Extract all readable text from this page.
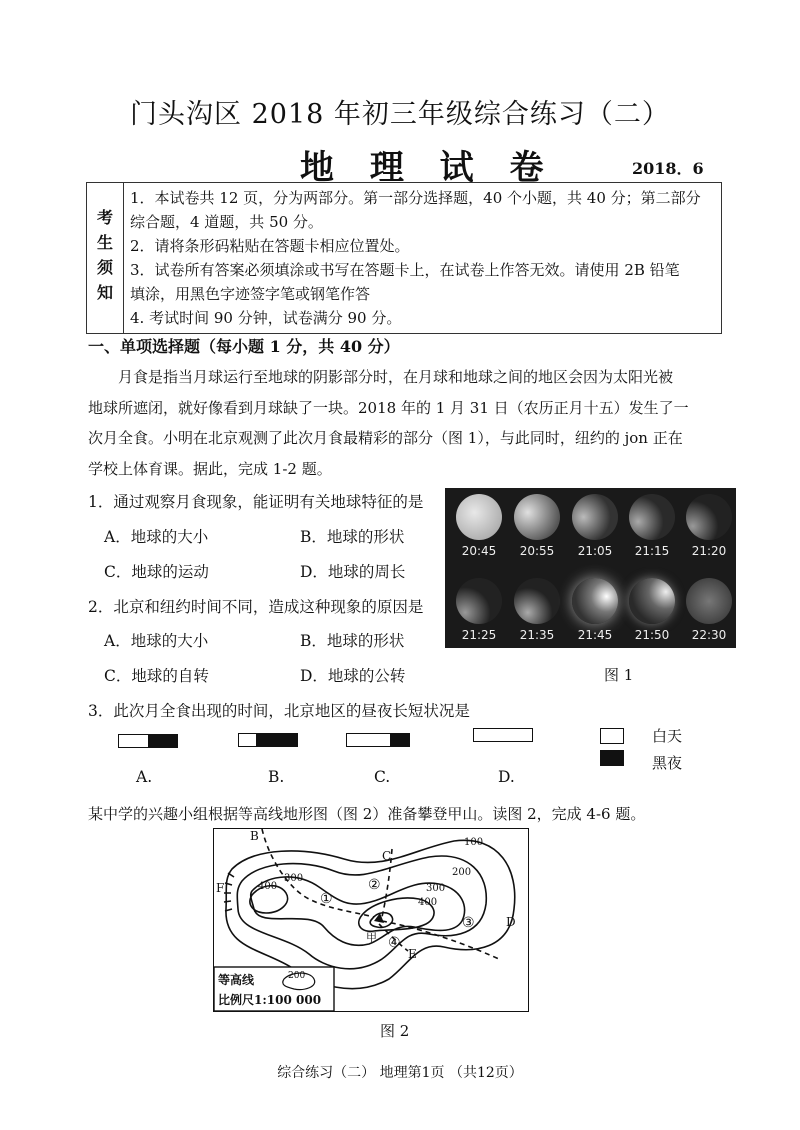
门头沟区 2018 年初三年级综合练习（二）
地 理 试 卷	2018．6
考
生
须
知

1．本试卷共 12 页，分为两部分。第一部分选择题，40 个小题，共 40 分；第二部分
综合题，4 道题，共 50 分。
2．请将条形码粘贴在答题卡相应位置处。
3．试卷所有答案必须填涂或书写在答题卡上，在试卷上作答无效。请使用 2B 铅笔
填涂，用黑色字迹签字笔或钢笔作答
4. 考试时间 90 分钟，试卷满分 90 分。
一、单项选择题（每小题 1 分，共 40 分）
月食是指当月球运行至地球的阴影部分时，在月球和地球之间的地区会因为太阳光被
地球所遮闭，就好像看到月球缺了一块。2018 年的 1 月 31 日（农历正月十五）发生了一
次月全食。小明在北京观测了此次月食最精彩的部分（图 1），与此同时，纽约的 jon 正在
学校上体育课。据此，完成 1-2 题。
1．通过观察月食现象，能证明有关地球特征的是
A．地球的大小	B．地球的形状
C．地球的运动	D．地球的周长
2．北京和纽约时间不同，造成这种现象的原因是
A．地球的大小	B．地球的形状
C．地球的自转	D．地球的公转
20:45	20:55	21:05	21:15	21:20
21:25	21:35	21:45	21:50	22:30
图 1
3．此次月全食出现的时间，北京地区的昼夜长短状况是
A.	B.	C.	D.
白天
黑夜
某中学的兴趣小组根据等高线地形图（图 2）准备攀登甲山。读图 2，完成 4-6 题。
B
C
D
E
F
①
②
③
④
甲
100
200
300
300
400
400
等高线	200
比例尺1:100 000
图 2
综合练习（二） 地理第1页 （共12页）
